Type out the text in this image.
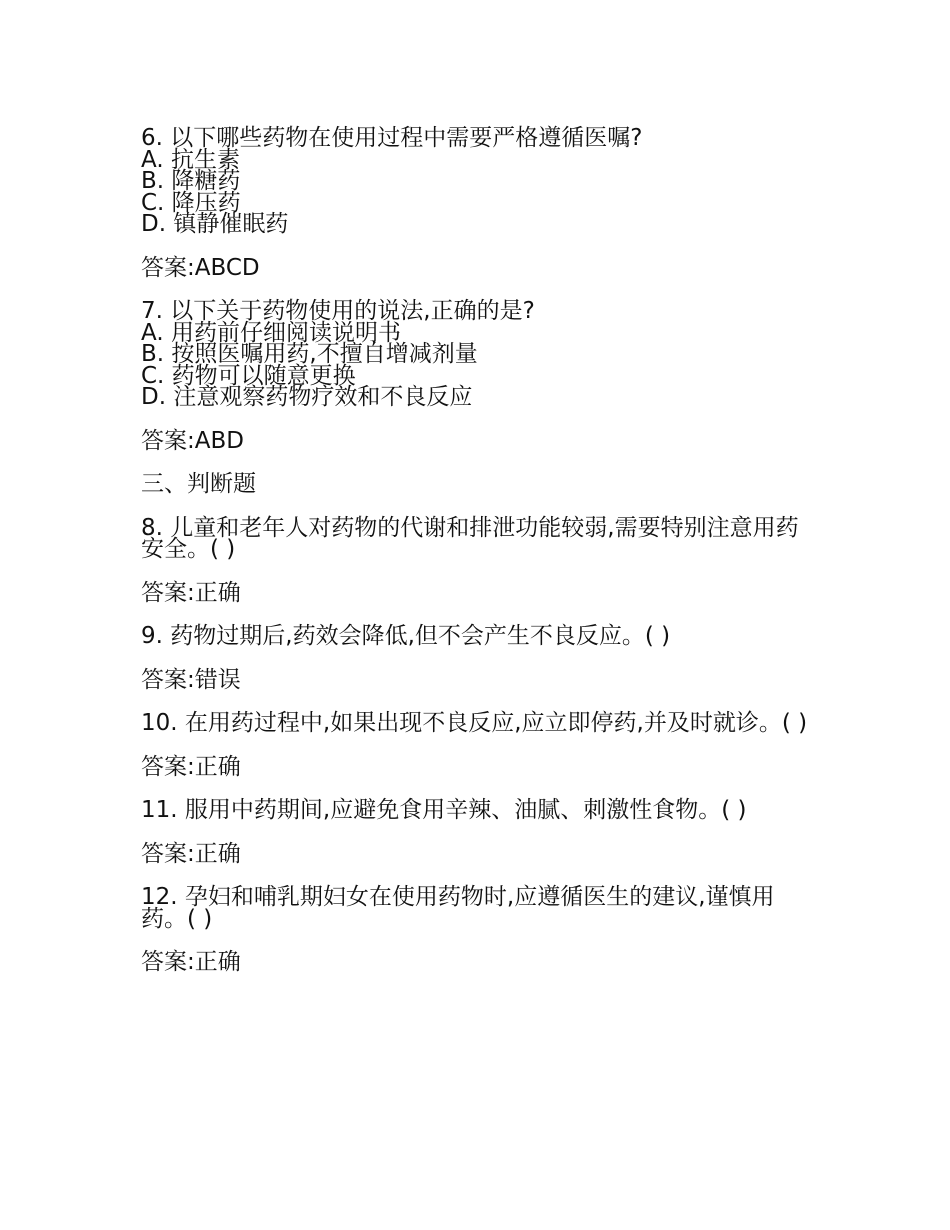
6. 以下哪些药物在使用过程中需要严格遵循医嘱?
A. 抗生素
B. 降糖药
C. 降压药
D. 镇静催眠药
答案:ABCD
7. 以下关于药物使用的说法,正确的是?
A. 用药前仔细阅读说明书
B. 按照医嘱用药,不擅自增减剂量
C. 药物可以随意更换
D. 注意观察药物疗效和不良反应
答案:ABD
三、判断题
8. 儿童和老年人对药物的代谢和排泄功能较弱,需要特别注意用药安全。( )
答案:正确
9. 药物过期后,药效会降低,但不会产生不良反应。( )
答案:错误
10. 在用药过程中,如果出现不良反应,应立即停药,并及时就诊。( )
答案:正确
11. 服用中药期间,应避免食用辛辣、油腻、刺激性食物。( )
答案:正确
12. 孕妇和哺乳期妇女在使用药物时,应遵循医生的建议,谨慎用药。( )
答案:正确
